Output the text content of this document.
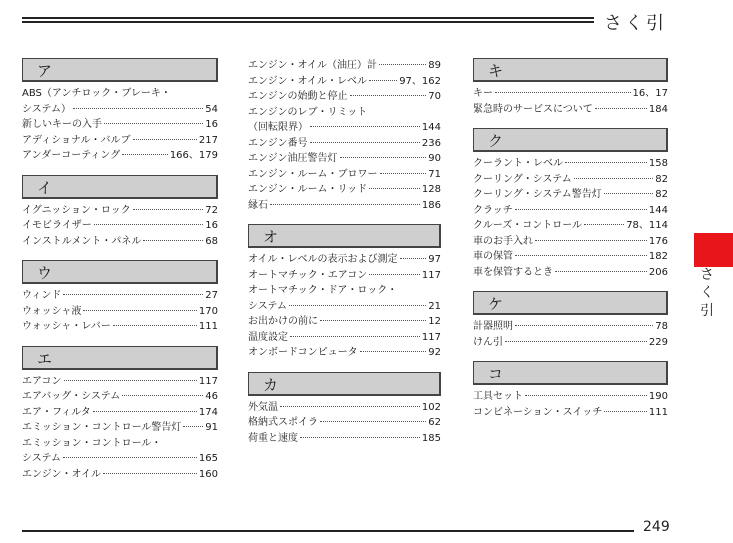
さく引
さく引
ア
ABS（アンチロック・ブレーキ・
システム）	54
新しいキーの入手	16
アディショナル・バルブ	217
アンダーコーティング	166、179
イ
イグニッション・ロック	72
イモビライザー	16
インストルメント・パネル	68
ウ
ウィンド	27
ウォッシャ液	170
ウォッシャ・レバー	111
エ
エアコン	117
エアバッグ・システム	46
エア・フィルタ	174
エミッション・コントロール警告灯 91
エミッション・コントロール・
システム	165
エンジン・オイル	160
エンジン・オイル（油圧）計	89
エンジン・オイル・レベル	97、162
エンジンの始動と停止	70
エンジンのレブ・リミット
（回転限界）	144
エンジン番号	236
エンジン油圧警告灯	90
エンジン・ルーム・ブロワー	71
エンジン・ルーム・リッド	128
縁石	186
オ
オイル・レベルの表示および測定	97
オートマチック・エアコン	117
オートマチック・ドア・ロック・
システム	21
お出かけの前に	12
温度設定	117
オンボードコンピュータ	92
カ
外気温	102
格納式スポイラ	62
荷重と速度	185
キ
キー	16、17
緊急時のサービスについて	184
ク
クーラント・レベル	158
クーリング・システム	82
クーリング・システム警告灯	82
クラッチ	144
クルーズ・コントロール	78、114
車のお手入れ	176
車の保管	182
車を保管するとき	206
ケ
計器照明	78
けん引	229
コ
工具セット	190
コンビネーション・スイッチ	111
249
